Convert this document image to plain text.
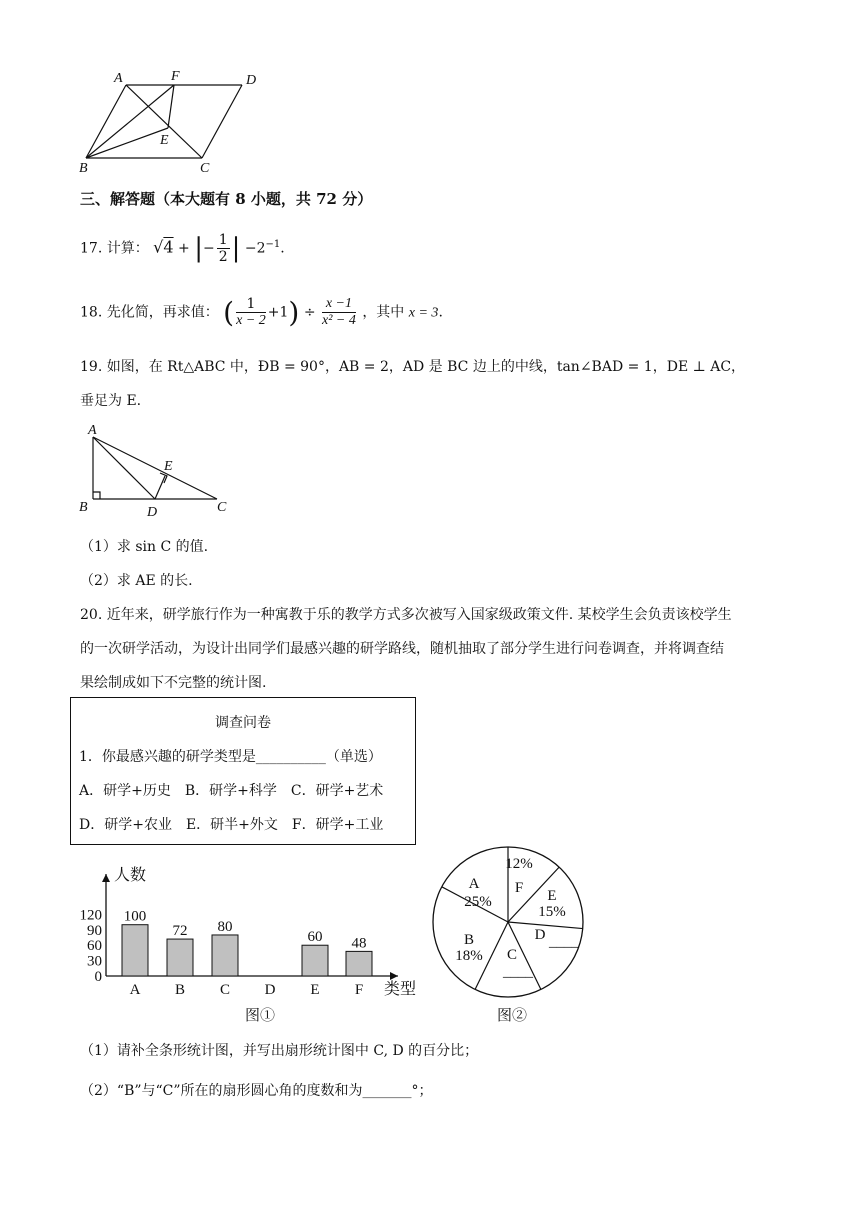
A	F	D
E
B	C
三、解答题（本大题有 8 小题，共 72 分）
17. 计算： √4 + |− $\frac{1}{2}$ | $-2^{-1}$.
18. 先化简，再求值： ( $\frac{1}{x - 2} +1) \div \frac{x -1}{\text{x² − 4}}$ ，其中 x = 3.
19. 如图，在 Rt△ABC 中，ÐB = 90°，AB = 2，AD 是 BC 边上的中线，tan∠BAD = 1，DE ⊥ AC，
垂足为 E.
A
E
B	D	C
（1）求 sin C 的值.
（2）求 AE 的长.
20. 近年来，研学旅行作为一种寓教于乐的教学方式多次被写入国家级政策文件. 某校学生会负责该校学生
的一次研学活动，为设计出同学们最感兴趣的研学路线，随机抽取了部分学生进行问卷调查，并将调查结
果绘制成如下不完整的统计图.
调查问卷
1．你最感兴趣的研学类型是__________（单选）
A．研学+历史　B．研学+科学　C．研学+艺术
D．研学+农业　E．研半+外文　F．研学+工业
人数
类型
0
30
60
90
120 100
A
72
B
80
C D
60
E
48
F
图①
A
25%
F
12%
E
15%
D ____
C
____
B
18%
图②
（1）请补全条形统计图，并写出扇形统计图中 C, D 的百分比；
（2）“B”与“C”所在的扇形圆心角的度数和为_______°；
